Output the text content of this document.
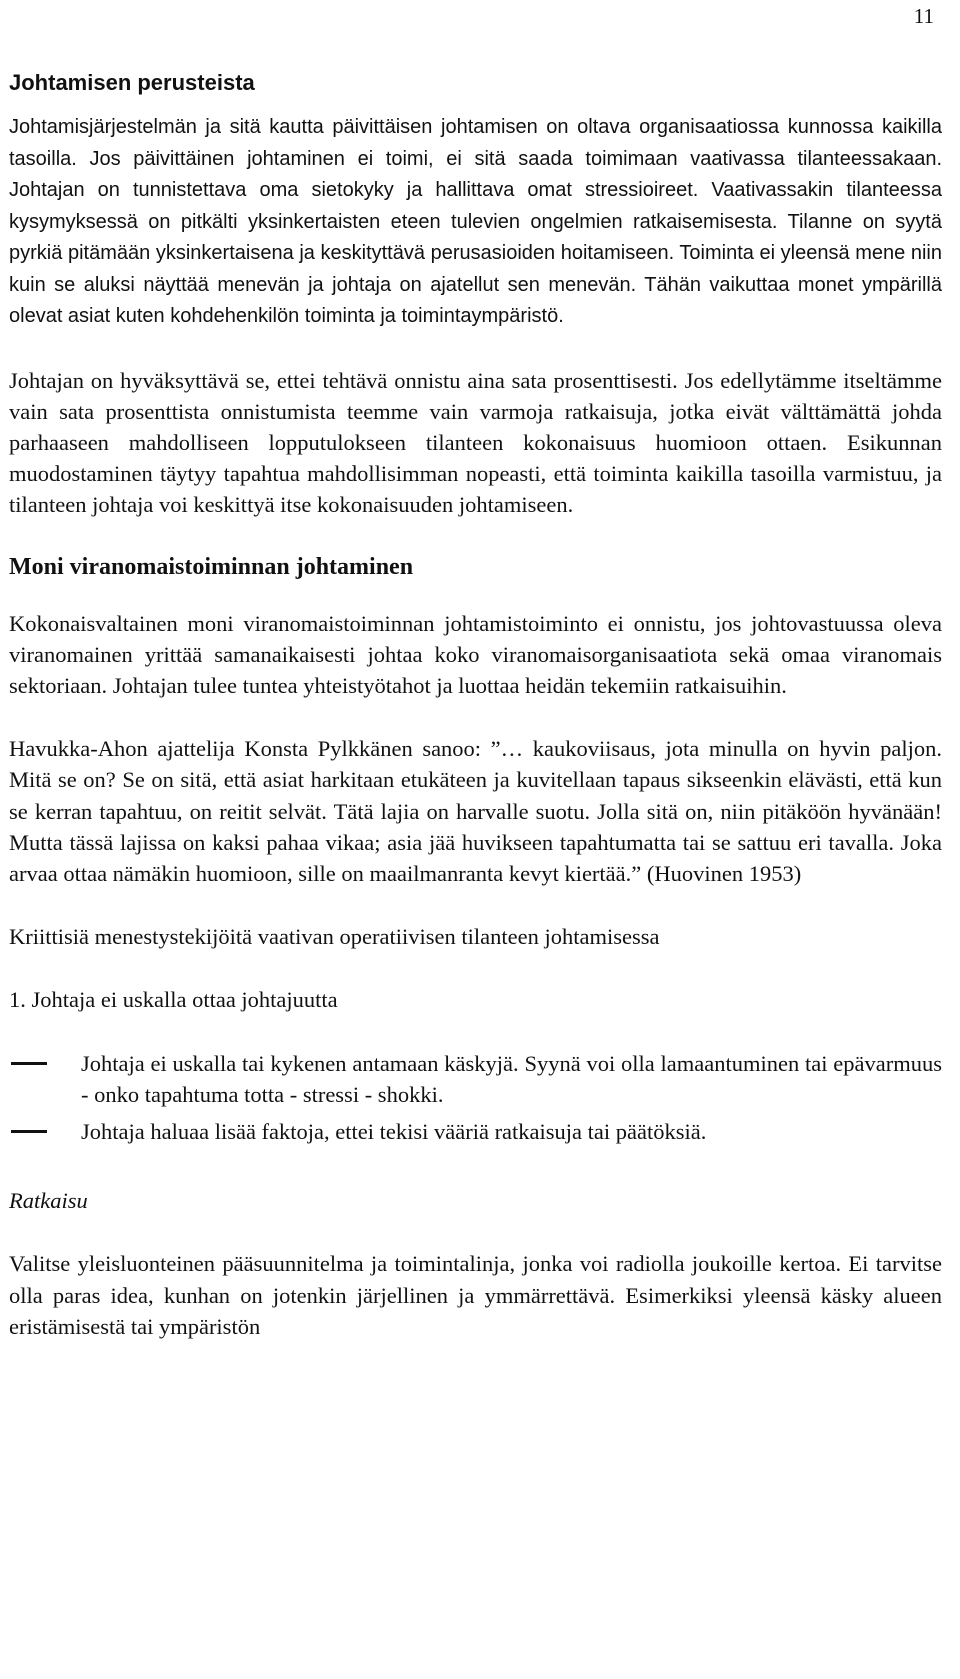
11
Johtamisen perusteista

Johtamisjärjestelmän ja sitä kautta päivittäisen johtamisen on oltava organisaatiossa kunnossa kaikilla tasoilla. Jos päivittäinen johtaminen ei toimi, ei sitä saada toimimaan vaativassa tilanteessakaan. Johtajan on tunnistettava oma sietokyky ja hallittava omat stressioireet. Vaativassakin tilanteessa kysymyksessä on pitkälti yksinkertaisten eteen tulevien ongelmien ratkaisemisesta. Tilanne on syytä pyrkiä pitämään yksinkertaisena ja keskityttävä perusasioiden hoitamiseen. Toiminta ei yleensä mene niin kuin se aluksi näyttää menevän ja johtaja on ajatellut sen menevän. Tähän vaikuttaa monet ympärillä olevat asiat kuten kohdehenkilön toiminta ja toimintaympäristö.

Johtajan on hyväksyttävä se, ettei tehtävä onnistu aina sata prosenttisesti. Jos edellytämme itseltämme vain sata prosenttista onnistumista teemme vain varmoja ratkaisuja, jotka eivät välttämättä johda parhaaseen mahdolliseen lopputulokseen tilanteen kokonaisuus huomioon ottaen. Esikunnan muodostaminen täytyy tapahtua mahdollisimman nopeasti, että toiminta kaikilla tasoilla varmistuu, ja tilanteen johtaja voi keskittyä itse kokonaisuuden johtamiseen.

Moni viranomaistoiminnan johtaminen

Kokonaisvaltainen moni viranomaistoiminnan johtamistoiminto ei onnistu, jos johtovastuussa oleva viranomainen yrittää samanaikaisesti johtaa koko viranomaisorganisaatiota sekä omaa viranomais sektoriaan. Johtajan tulee tuntea yhteistyötahot ja luottaa heidän tekemiin ratkaisuihin.

Havukka-Ahon ajattelija Konsta Pylkkänen sanoo: ”… kaukoviisaus, jota minulla on hyvin paljon. Mitä se on? Se on sitä, että asiat harkitaan etukäteen ja kuvitellaan tapaus sikseenkin elävästi, että kun se kerran tapahtuu, on reitit selvät. Tätä lajia on harvalle suotu. Jolla sitä on, niin pitäköön hyvänään! Mutta tässä lajissa on kaksi pahaa vikaa; asia jää huvikseen tapahtumatta tai se sattuu eri tavalla. Joka arvaa ottaa nämäkin huomioon, sille on maailmanranta kevyt kiertää.” (Huovinen 1953)

Kriittisiä menestystekijöitä vaativan operatiivisen tilanteen johtamisessa

1. Johtaja ei uskalla ottaa johtajuutta

Johtaja ei uskalla tai kykenen antamaan käskyjä. Syynä voi olla lamaantuminen tai epävarmuus - onko tapahtuma totta - stressi - shokki.
Johtaja haluaa lisää faktoja, ettei tekisi vääriä ratkaisuja tai päätöksiä.

Ratkaisu

Valitse yleisluonteinen pääsuunnitelma ja toimintalinja, jonka voi radiolla joukoille kertoa. Ei tarvitse olla paras idea, kunhan on jotenkin järjellinen ja ymmärrettävä. Esimerkiksi yleensä käsky alueen eristämisestä tai ympäristön
